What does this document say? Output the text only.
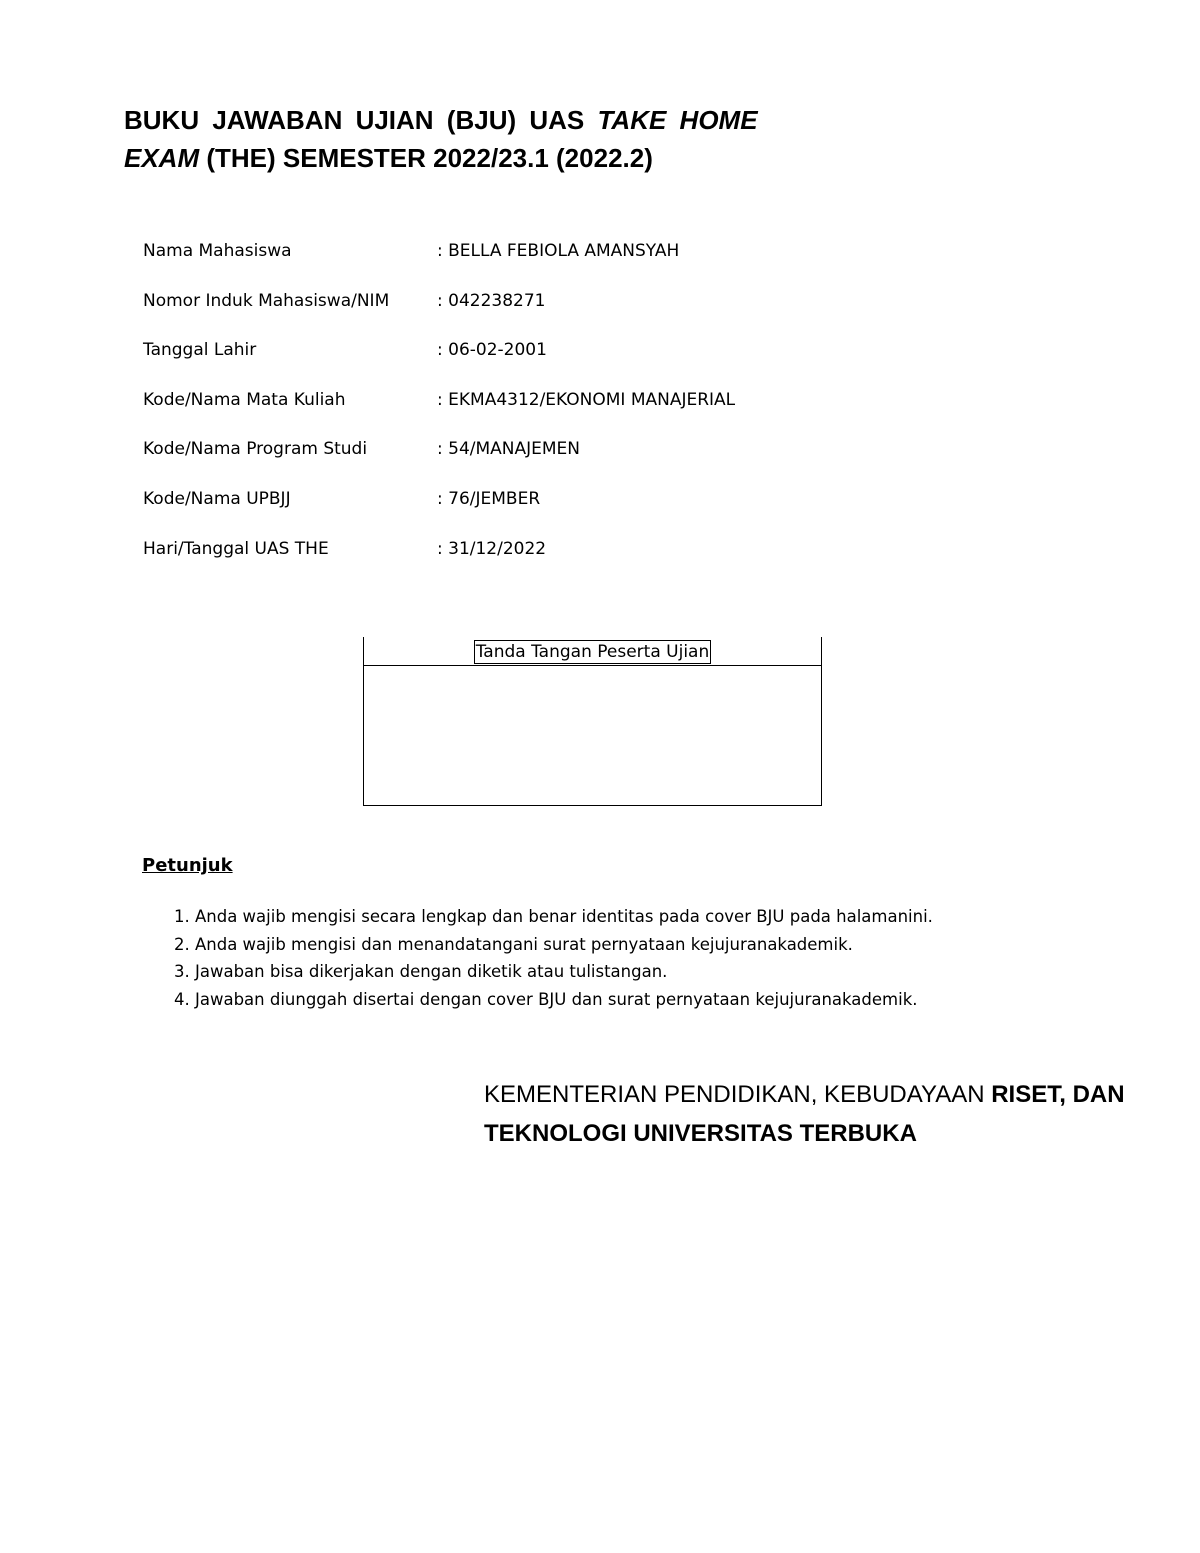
BUKU JAWABAN UJIAN (BJU) UAS TAKE HOME
EXAM (THE) SEMESTER 2022/23.1 (2022.2)
Nama Mahasiswa	: BELLA FEBIOLA AMANSYAH
Nomor Induk Mahasiswa/NIM	: 042238271
Tanggal Lahir	: 06-02-2001
Kode/Nama Mata Kuliah	: EKMA4312/EKONOMI MANAJERIAL
Kode/Nama Program Studi	: 54/MANAJEMEN
Kode/Nama UPBJJ	: 76/JEMBER
Hari/Tanggal UAS THE	: 31/12/2022
Tanda Tangan Peserta Ujian
Petunjuk
1. Anda wajib mengisi secara lengkap dan benar identitas pada cover BJU pada halamanini.
2. Anda wajib mengisi dan menandatangani surat pernyataan kejujuranakademik.
3. Jawaban bisa dikerjakan dengan diketik atau tulistangan.
4. Jawaban diunggah disertai dengan cover BJU dan surat pernyataan kejujuranakademik.
KEMENTERIAN PENDIDIKAN, KEBUDAYAAN RISET, DAN
TEKNOLOGI UNIVERSITAS TERBUKA
